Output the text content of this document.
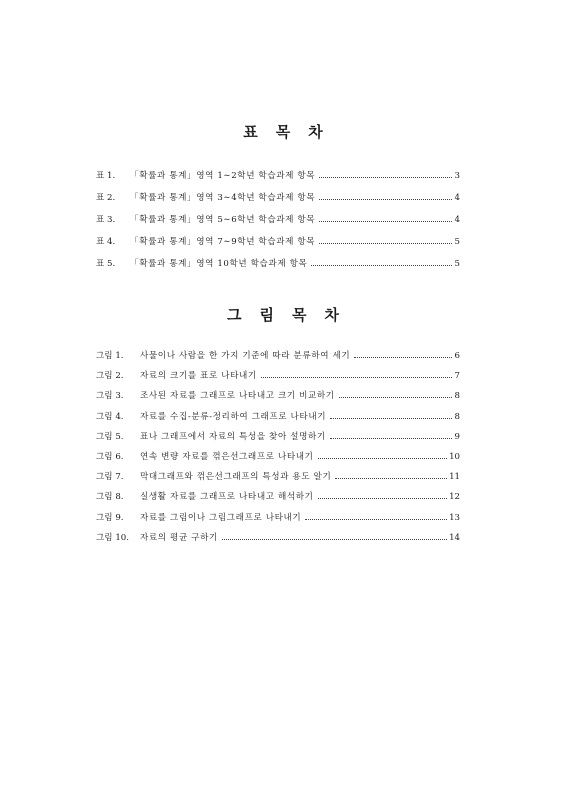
표 목 차
표 1.	「확률과 통계」영역 1∼2학년 학습과제 항목	3
표 2.	「확률과 통계」영역 3∼4학년 학습과제 항목	4
표 3.	「확률과 통계」영역 5∼6학년 학습과제 항목	4
표 4.	「확률과 통계」영역 7∼9학년 학습과제 항목	5
표 5.	「확률과 통계」영역 10학년 학습과제 항목	5
그 림 목 차
그림 1.	사물이나 사람을 한 가지 기준에 따라 분류하여 세기	6
그림 2.	자료의 크기를 표로 나타내기	7
그림 3.	조사된 자료를 그래프로 나타내고 크기 비교하기	8
그림 4.	자료를 수집-분류-정리하여 그래프로 나타내기	8
그림 5.	표나 그래프에서 자료의 특성을 찾아 설명하기	9
그림 6.	연속 변량 자료를 꺾은선그래프로 나타내기	10
그림 7.	막대그래프와 꺾은선그래프의 특성과 용도 알기	11
그림 8.	실생활 자료를 그래프로 나타내고 해석하기	12
그림 9.	자료를 그림이나 그림그래프로 나타내기	13
그림 10.	자료의 평균 구하기	14
